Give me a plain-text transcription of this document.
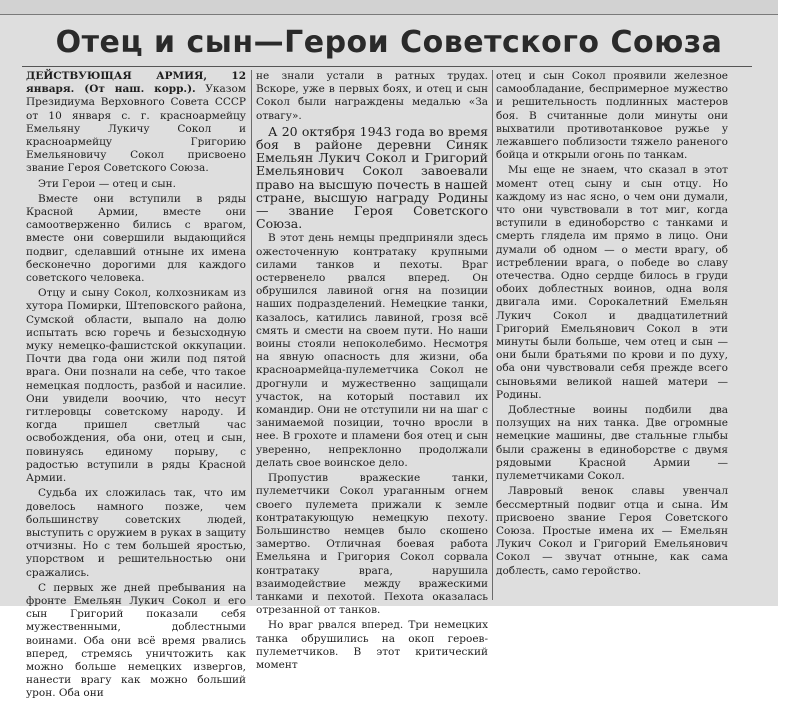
Отец и сын—Герои Советского Союза

ДЕЙСТВУЮЩАЯ АРМИЯ, 12 января. (От наш. корр.). Указом Президиума Верховного Совета СССР от 10 января с. г. красноармейцу Емельяну Лукичу Сокол и красноармейцу Григорию Емельяновичу Сокол присвоено звание Героя Советского Союза.

Эти Герои — отец и сын.

Вместе они вступили в ряды Красной Армии, вместе они самоотверженно бились с врагом, вместе они совершили выдающийся подвиг, сделавший отныне их имена бесконечно дорогими для каждого советского человека.

Отцу и сыну Сокол, колхозникам из хутора Помирки, Штеповского района, Сумской области, выпало на долю испытать всю горечь и безысходную муку немецко-фашистской оккупации. Почти два года они жили под пятой врага. Они познали на себе, что такое немецкая подлость, разбой и насилие. Они увидели воочию, что несут гитлеровцы советскому народу. И когда пришел светлый час освобождения, оба они, отец и сын, повинуясь единому порыву, с радостью вступили в ряды Красной Армии.

Судьба их сложилась так, что им довелось намного позже, чем большинству советских людей, выступить с оружием в руках в защиту отчизны. Но с тем большей яростью, упорством и решительностью они сражались.

С первых же дней пребывания на фронте Емельян Лукич Сокол и его сын Григорий показали себя мужественными, доблестными воинами. Оба они всё время рвались вперед, стремясь уничтожить как можно больше немецких извергов, нанести врагу как можно больший урон. Оба они

не знали устали в ратных трудах. Вскоре, уже в первых боях, и отец и сын Сокол были награждены медалью «За отвагу».

А 20 октября 1943 года во время боя в районе деревни Синяк Емельян Лукич Сокол и Григорий Емельянович Сокол завоевали право на высшую почесть в нашей стране, высшую награду Родины — звание Героя Советского Союза.

В этот день немцы предприняли здесь ожесточенную контратаку крупными силами танков и пехоты. Враг остервенело рвался вперед. Он обрушился лавиной огня на позиции наших подразделений. Немецкие танки, казалось, катились лавиной, грозя всё смять и смести на своем пути. Но наши воины стояли непоколебимо. Несмотря на явную опасность для жизни, оба красноармейца-пулеметчика Сокол не дрогнули и мужественно защищали участок, на который поставил их командир. Они не отступили ни на шаг с занимаемой позиции, точно вросли в нее. В грохоте и пламени боя отец и сын уверенно, непреклонно продолжали делать свое воинское дело.

Пропустив вражеские танки, пулеметчики Сокол ураганным огнем своего пулемета прижали к земле контратакующую немецкую пехоту. Большинство немцев было скошено замертво. Отличная боевая работа Емельяна и Григория Сокол сорвала контратаку врага, нарушила взаимодействие между вражескими танками и пехотой. Пехота оказалась отрезанной от танков.

Но враг рвался вперед. Три немецких танка обрушились на окоп героев-пулеметчиков. В этот критический момент

отец и сын Сокол проявили железное самообладание, беспримерное мужество и решительность подлинных мастеров боя. В считанные доли минуты они выхватили противотанковое ружье у лежавшего поблизости тяжело раненого бойца и открыли огонь по танкам.

Мы еще не знаем, что сказал в этот момент отец сыну и сын отцу. Но каждому из нас ясно, о чем они думали, что они чувствовали в тот миг, когда вступили в единоборство с танками и смерть глядела им прямо в лицо. Они думали об одном — о мести врагу, об истреблении врага, о победе во славу отечества. Одно сердце билось в груди обоих доблестных воинов, одна воля двигала ими. Сорокалетний Емельян Лукич Сокол и двадцатилетний Григорий Емельянович Сокол в эти минуты были больше, чем отец и сын — они были братьями по крови и по духу, оба они чувствовали себя прежде всего сыновьями великой нашей матери — Родины.

Доблестные воины подбили два ползущих на них танка. Две огромные немецкие машины, две стальные глыбы были сражены в единоборстве с двумя рядовыми Красной Армии — пулеметчиками Сокол.

Лавровый венок славы увенчал бессмертный подвиг отца и сына. Им присвоено звание Героя Советского Союза. Простые имена их — Емельян Лукич Сокол и Григорий Емельянович Сокол — звучат отныне, как сама доблесть, само геройство.
